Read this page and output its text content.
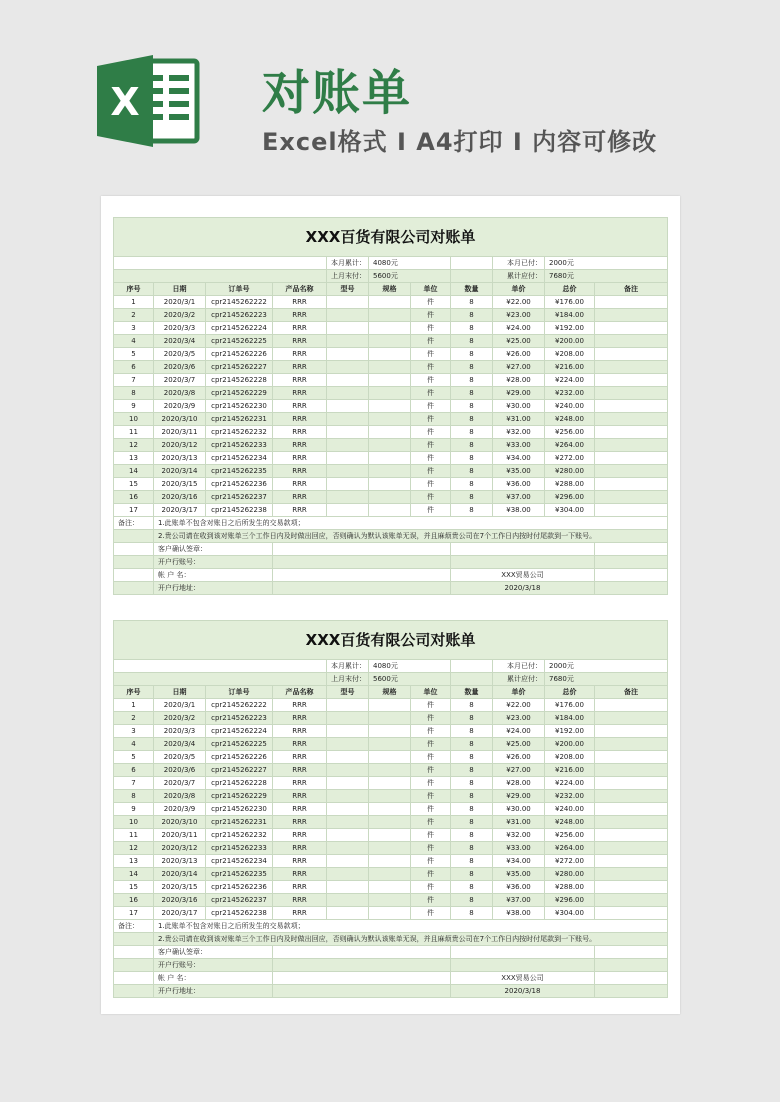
X	对账单
Excel格式 Ⅰ A4打印 Ⅰ 内容可修改
XXX百货有限公司对账单										
				本月累计：	4080元			本月已付：	2000元	
				上月末付：	5600元			累计应付：	7680元	
序号	日期	订单号	产品名称	型号	规格	单位	数量	单价	总价	备注
1	2020/3/1	cpr2145262222	RRR			件	8	¥22.00	¥176.00	
2	2020/3/2	cpr2145262223	RRR			件	8	¥23.00	¥184.00	
3	2020/3/3	cpr2145262224	RRR			件	8	¥24.00	¥192.00	
4	2020/3/4	cpr2145262225	RRR			件	8	¥25.00	¥200.00	
5	2020/3/5	cpr2145262226	RRR			件	8	¥26.00	¥208.00	
6	2020/3/6	cpr2145262227	RRR			件	8	¥27.00	¥216.00	
7	2020/3/7	cpr2145262228	RRR			件	8	¥28.00	¥224.00	
8	2020/3/8	cpr2145262229	RRR			件	8	¥29.00	¥232.00	
9	2020/3/9	cpr2145262230	RRR			件	8	¥30.00	¥240.00	
10	2020/3/10	cpr2145262231	RRR			件	8	¥31.00	¥248.00	
11	2020/3/11	cpr2145262232	RRR			件	8	¥32.00	¥256.00	
12	2020/3/12	cpr2145262233	RRR			件	8	¥33.00	¥264.00	
13	2020/3/13	cpr2145262234	RRR			件	8	¥34.00	¥272.00	
14	2020/3/14	cpr2145262235	RRR			件	8	¥35.00	¥280.00	
15	2020/3/15	cpr2145262236	RRR			件	8	¥36.00	¥288.00	
16	2020/3/16	cpr2145262237	RRR			件	8	¥37.00	¥296.00	
17	2020/3/17	cpr2145262238	RRR			件	8	¥38.00	¥304.00	
备注：	1.此账单不包含对账日之后所发生的交易款项；									
	2.贵公司请在收到该对账单三个工作日内及时做出回应，否则确认为默认该账单无误，并且麻烦贵公司在7个工作日内按时付尾款到一下账号。									
	客户确认签章：									
	开户行账号：									
	帐 户 名：						XXX贸易公司			
	开户行地址：						2020/3/18			
XXX百货有限公司对账单										
				本月累计：	4080元			本月已付：	2000元	
				上月末付：	5600元			累计应付：	7680元	
序号	日期	订单号	产品名称	型号	规格	单位	数量	单价	总价	备注
1	2020/3/1	cpr2145262222	RRR			件	8	¥22.00	¥176.00	
2	2020/3/2	cpr2145262223	RRR			件	8	¥23.00	¥184.00	
3	2020/3/3	cpr2145262224	RRR			件	8	¥24.00	¥192.00	
4	2020/3/4	cpr2145262225	RRR			件	8	¥25.00	¥200.00	
5	2020/3/5	cpr2145262226	RRR			件	8	¥26.00	¥208.00	
6	2020/3/6	cpr2145262227	RRR			件	8	¥27.00	¥216.00	
7	2020/3/7	cpr2145262228	RRR			件	8	¥28.00	¥224.00	
8	2020/3/8	cpr2145262229	RRR			件	8	¥29.00	¥232.00	
9	2020/3/9	cpr2145262230	RRR			件	8	¥30.00	¥240.00	
10	2020/3/10	cpr2145262231	RRR			件	8	¥31.00	¥248.00	
11	2020/3/11	cpr2145262232	RRR			件	8	¥32.00	¥256.00	
12	2020/3/12	cpr2145262233	RRR			件	8	¥33.00	¥264.00	
13	2020/3/13	cpr2145262234	RRR			件	8	¥34.00	¥272.00	
14	2020/3/14	cpr2145262235	RRR			件	8	¥35.00	¥280.00	
15	2020/3/15	cpr2145262236	RRR			件	8	¥36.00	¥288.00	
16	2020/3/16	cpr2145262237	RRR			件	8	¥37.00	¥296.00	
17	2020/3/17	cpr2145262238	RRR			件	8	¥38.00	¥304.00	
备注：	1.此账单不包含对账日之后所发生的交易款项；									
	2.贵公司请在收到该对账单三个工作日内及时做出回应，否则确认为默认该账单无误，并且麻烦贵公司在7个工作日内按时付尾款到一下账号。									
	客户确认签章：									
	开户行账号：									
	帐 户 名：						XXX贸易公司			
	开户行地址：						2020/3/18			
